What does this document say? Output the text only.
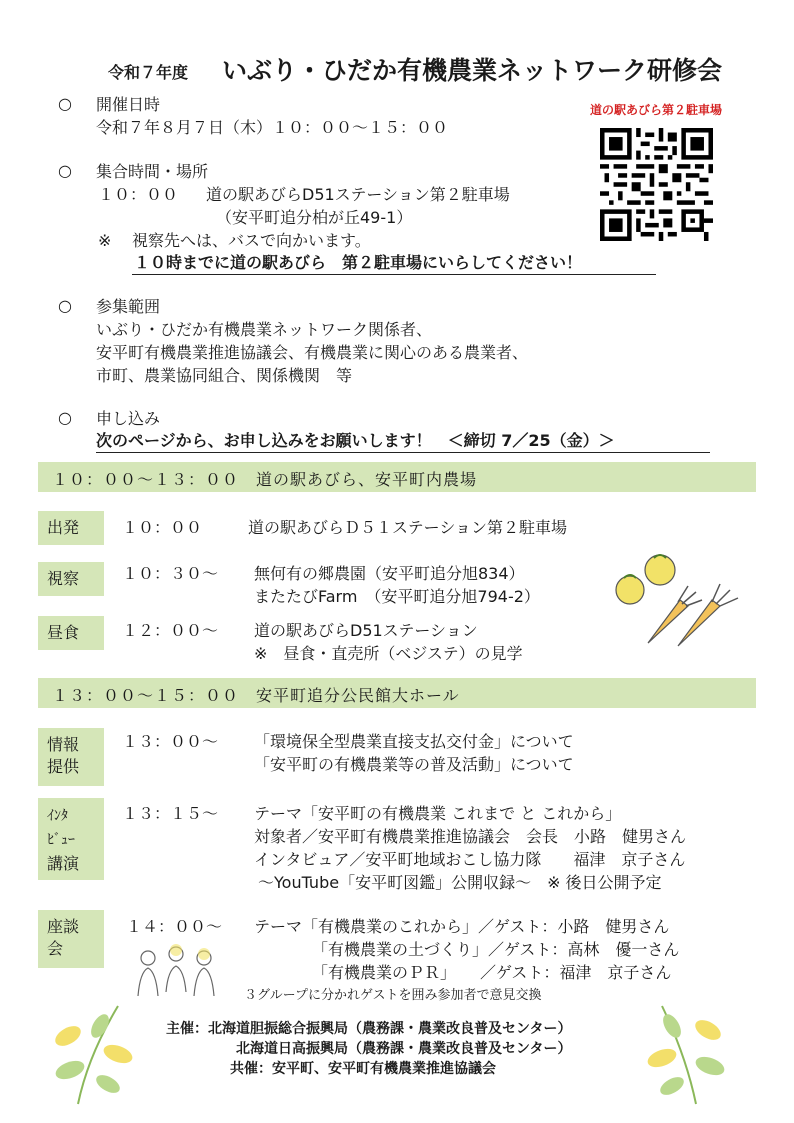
令和７年度 いぶり・ひだか有機農業ネットワーク研修会
道の駅あびら第２駐車場
○ 開催日時
令和７年８月７日（木）１０：００～１５：００
○ 集合時間・場所
１０：００ 道の駅あびらD51ステーション第２駐車場
（安平町追分柏が丘49-1）
※ 視察先へは、バスで向かいます。
１０時までに道の駅あびら　第２駐車場にいらしてください！
○ 参集範囲
いぶり・ひだか有機農業ネットワーク関係者、
安平町有機農業推進協議会、有機農業に関心のある農業者、
市町、農業協同組合、関係機関　等
○ 申し込み
次のページから、お申し込みをお願いします！　＜締切 7／25（金）＞
１０：００～１３：００　道の駅あびら、安平町内農場
出発	１０：００	道の駅あびらＤ５１ステーション第２駐車場
視察	１０：３０～ 無何有の郷農園（安平町追分旭834）
またたびFarm　（安平町追分旭794-2）
昼食	１２：００～ 道の駅あびらD51ステーション
※　昼食・直売所（ベジステ）の見学
１３：００～１５：００　安平町追分公民館大ホール
情報
提供
１３：００～ 「環境保全型農業直接支払交付金」について
「安平町の有機農業等の普及活動」について
ｲﾝﾀ
ﾋﾞｭｰ
講演
１３：１５～ テーマ「安平町の有機農業 これまで と これから」
対象者／安平町有機農業推進協議会　会長　小路　健男さん
インタビュア／安平町地域おこし協力隊　　福津　京子さん
～YouTube「安平町図鑑」公開収録～　※ 後日公開予定
座談
会
１４：００～ テーマ「有機農業のこれから」／ゲスト：小路　健男さん
「有機農業の土づくり」／ゲスト：高林　優一さん
「有機農業のＰＲ」　　／ゲスト：福津　京子さん
３グループに分かれゲストを囲み参加者で意見交換
主催：北海道胆振総合振興局（農務課・農業改良普及センター）
北海道日高振興局（農務課・農業改良普及センター）
共催：安平町、安平町有機農業推進協議会
